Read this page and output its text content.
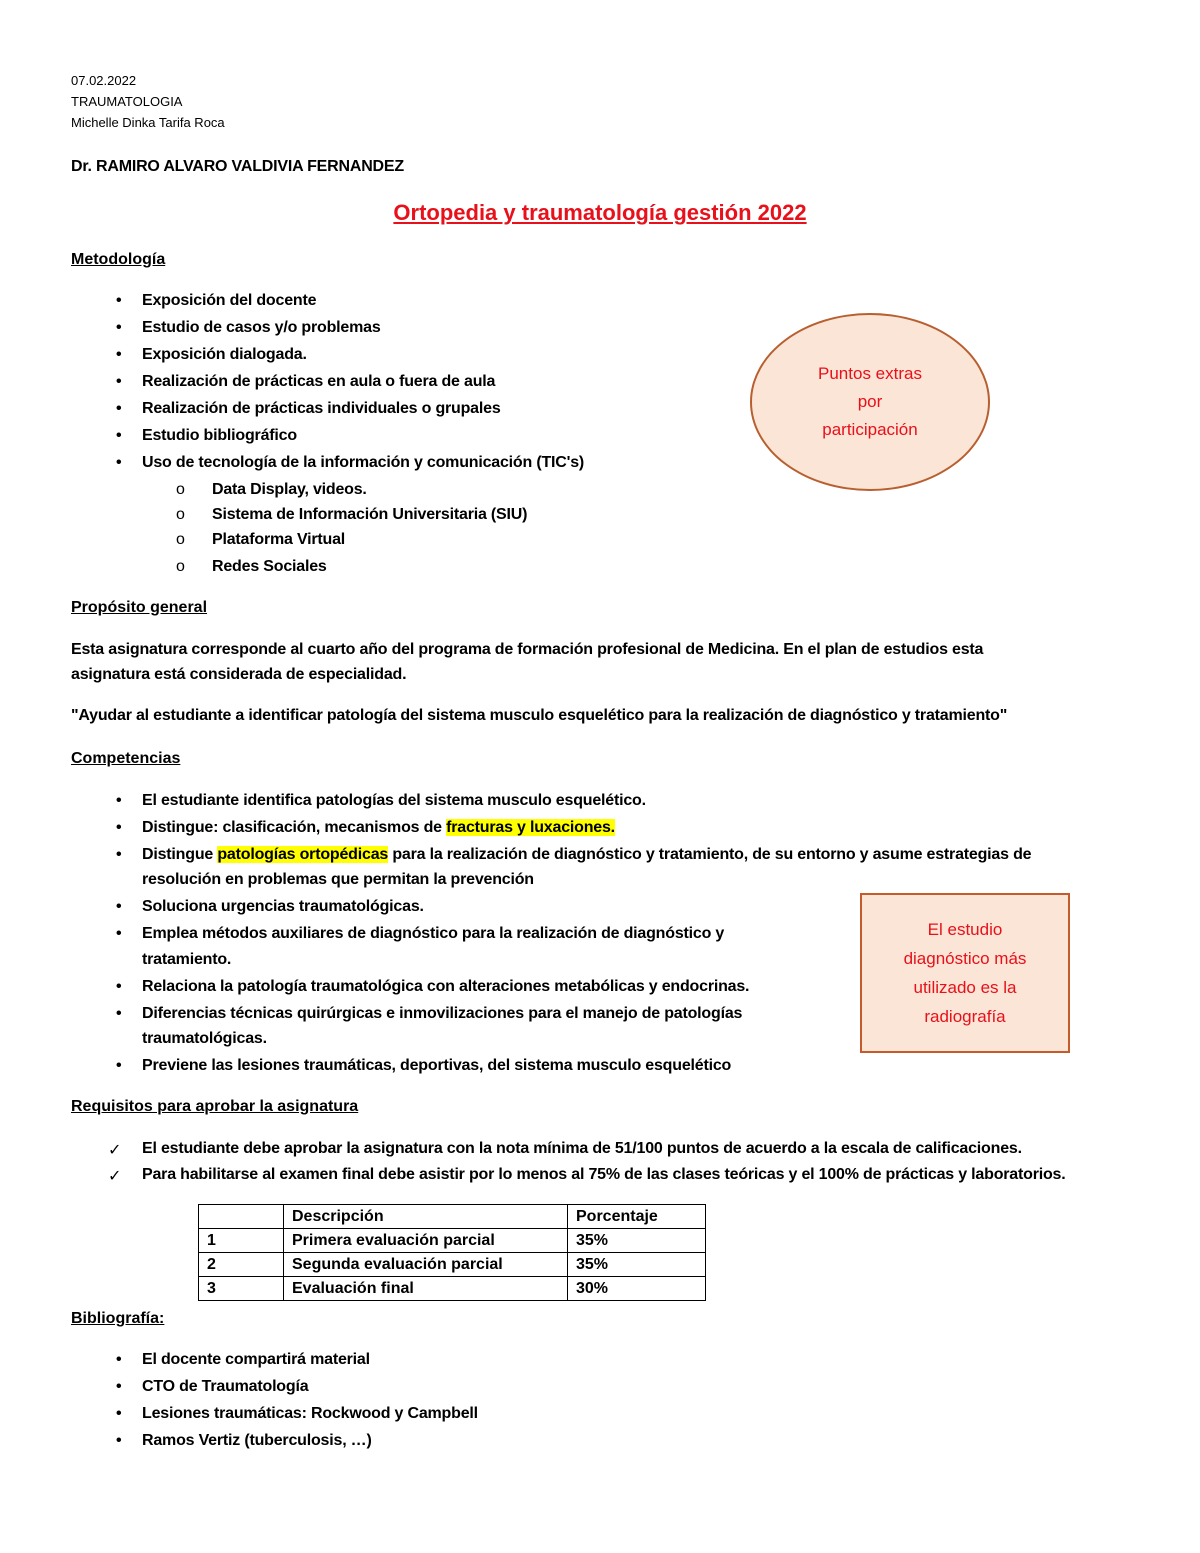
07.02.2022
TRAUMATOLOGIA
Michelle Dinka Tarifa Roca
Dr. RAMIRO ALVARO VALDIVIA FERNANDEZ
Ortopedia y traumatología gestión 2022
Metodología
• Exposición del docente
• Estudio de casos y/o problemas
• Exposición dialogada.
• Realización de prácticas en aula o fuera de aula
• Realización de prácticas individuales o grupales
• Estudio bibliográfico
• Uso de tecnología de la información y comunicación (TIC's)
o Data Display, videos.
o Sistema de Información Universitaria (SIU)
o Plataforma Virtual
o Redes Sociales
Puntos extras
por
participación
Propósito general
Esta asignatura corresponde al cuarto año del programa de formación profesional de Medicina. En el plan de estudios esta
asignatura está considerada de especialidad.
"Ayudar al estudiante a identificar patología del sistema musculo esquelético para la realización de diagnóstico y tratamiento"
Competencias
• El estudiante identifica patologías del sistema musculo esquelético.
• Distingue: clasificación, mecanismos de fracturas y luxaciones.
• Distingue patologías ortopédicas para la realización de diagnóstico y tratamiento, de su entorno y asume estrategias de
resolución en problemas que permitan la prevención
• Soluciona urgencias traumatológicas.
• Emplea métodos auxiliares de diagnóstico para la realización de diagnóstico y
tratamiento.
• Relaciona la patología traumatológica con alteraciones metabólicas y endocrinas.
• Diferencias técnicas quirúrgicas e inmovilizaciones para el manejo de patologías
traumatológicas.
• Previene las lesiones traumáticas, deportivas, del sistema musculo esquelético
El estudio
diagnóstico más
utilizado es la
radiografía
Requisitos para aprobar la asignatura
✓ El estudiante debe aprobar la asignatura con la nota mínima de 51/100 puntos de acuerdo a la escala de calificaciones.
✓ Para habilitarse al examen final debe asistir por lo menos al 75% de las clases teóricas y el 100% de prácticas y laboratorios.
	Descripción	Porcentaje
1	Primera evaluación parcial	35%
2	Segunda evaluación parcial	35%
3	Evaluación final	30%
Bibliografía:
• El docente compartirá material
• CTO de Traumatología
• Lesiones traumáticas: Rockwood y Campbell
• Ramos Vertiz (tuberculosis, …)
